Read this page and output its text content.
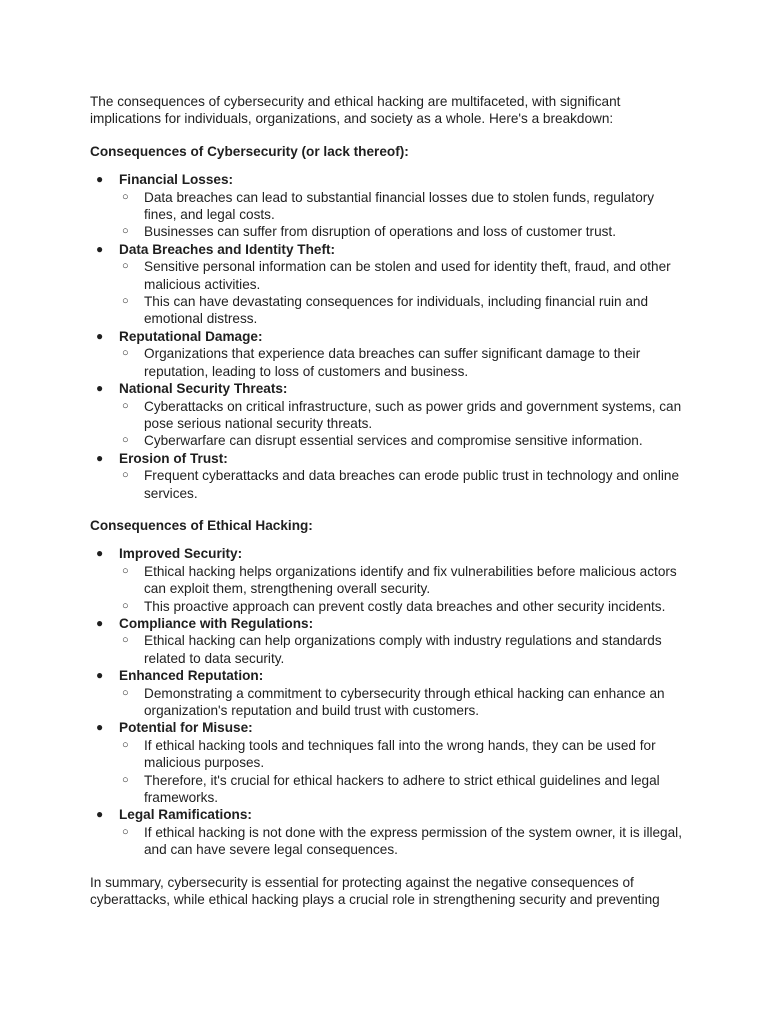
The consequences of cybersecurity and ethical hacking are multifaceted, with significant implications for individuals, organizations, and society as a whole. Here's a breakdown:

Consequences of Cybersecurity (or lack thereof):

● Financial Losses:
○ Data breaches can lead to substantial financial losses due to stolen funds, regulatory fines, and legal costs.
○ Businesses can suffer from disruption of operations and loss of customer trust.
● Data Breaches and Identity Theft:
○ Sensitive personal information can be stolen and used for identity theft, fraud, and other malicious activities.
○ This can have devastating consequences for individuals, including financial ruin and emotional distress.
● Reputational Damage:
○ Organizations that experience data breaches can suffer significant damage to their reputation, leading to loss of customers and business.
● National Security Threats:
○ Cyberattacks on critical infrastructure, such as power grids and government systems, can pose serious national security threats.
○ Cyberwarfare can disrupt essential services and compromise sensitive information.
● Erosion of Trust:
○ Frequent cyberattacks and data breaches can erode public trust in technology and online services.

Consequences of Ethical Hacking:

● Improved Security:
○ Ethical hacking helps organizations identify and fix vulnerabilities before malicious actors can exploit them, strengthening overall security.
○ This proactive approach can prevent costly data breaches and other security incidents.
● Compliance with Regulations:
○ Ethical hacking can help organizations comply with industry regulations and standards related to data security.
● Enhanced Reputation:
○ Demonstrating a commitment to cybersecurity through ethical hacking can enhance an organization's reputation and build trust with customers.
● Potential for Misuse:
○ If ethical hacking tools and techniques fall into the wrong hands, they can be used for malicious purposes.
○ Therefore, it's crucial for ethical hackers to adhere to strict ethical guidelines and legal frameworks.
● Legal Ramifications:
○ If ethical hacking is not done with the express permission of the system owner, it is illegal, and can have severe legal consequences.

In summary, cybersecurity is essential for protecting against the negative consequences of cyberattacks, while ethical hacking plays a crucial role in strengthening security and preventing
